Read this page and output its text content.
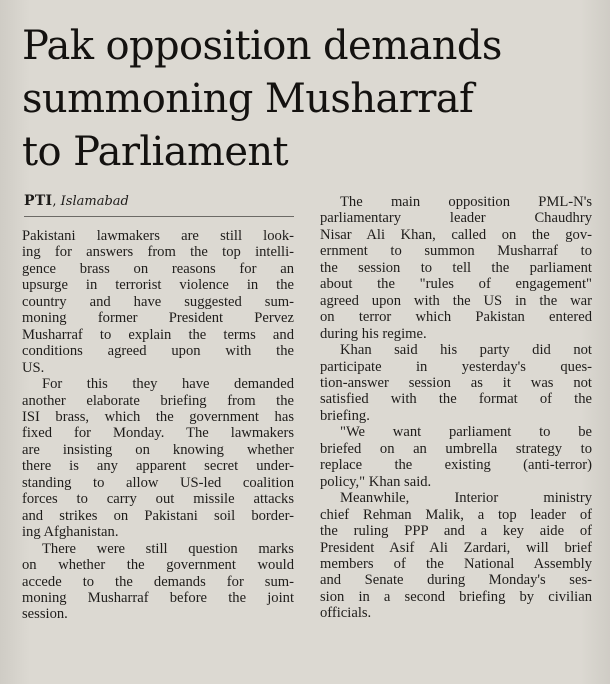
Pak opposition demands
summoning Musharraf
to Parliament
PTI, Islamabad

Pakistani lawmakers are still look-
ing for answers from the top intelli-
gence brass on reasons for an
upsurge in terrorist violence in the
country and have suggested sum-
moning former President Pervez
Musharraf to explain the terms and
conditions agreed upon with the
US.

For this they have demanded
another elaborate briefing from the
ISI brass, which the government has
fixed for Monday. The lawmakers
are insisting on knowing whether
there is any apparent secret under-
standing to allow US-led coalition
forces to carry out missile attacks
and strikes on Pakistani soil border-
ing Afghanistan.

There were still question marks
on whether the government would
accede to the demands for sum-
moning Musharraf before the joint
session.

The main opposition PML-N's
parliamentary leader Chaudhry
Nisar Ali Khan, called on the gov-
ernment to summon Musharraf to
the session to tell the parliament
about the "rules of engagement"
agreed upon with the US in the war
on terror which Pakistan entered
during his regime.

Khan said his party did not
participate in yesterday's ques-
tion-answer session as it was not
satisfied with the format of the
briefing.

"We want parliament to be
briefed on an umbrella strategy to
replace the existing (anti-terror)
policy," Khan said.

Meanwhile, Interior ministry
chief Rehman Malik, a top leader of
the ruling PPP and a key aide of
President Asif Ali Zardari, will brief
members of the National Assembly
and Senate during Monday's ses-
sion in a second briefing by civilian
officials.
